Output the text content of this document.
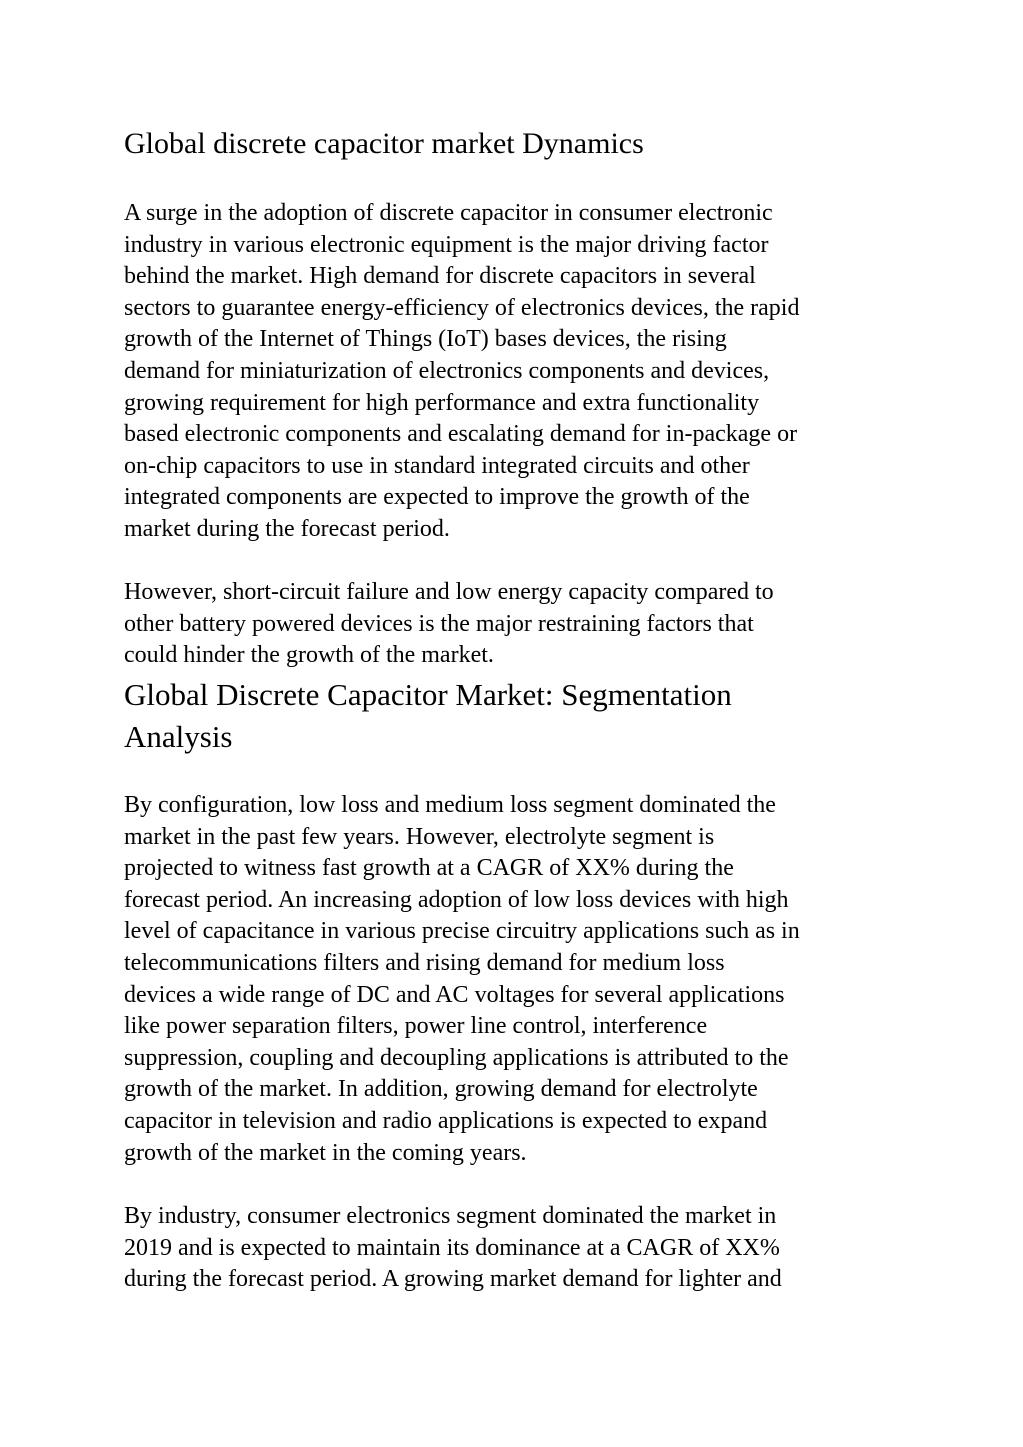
Global discrete capacitor market Dynamics

A surge in the adoption of discrete capacitor in consumer electronic
industry in various electronic equipment is the major driving factor
behind the market. High demand for discrete capacitors in several
sectors to guarantee energy-efficiency of electronics devices, the rapid
growth of the Internet of Things (IoT) bases devices, the rising
demand for miniaturization of electronics components and devices,
growing requirement for high performance and extra functionality
based electronic components and escalating demand for in-package or
on-chip capacitors to use in standard integrated circuits and other
integrated components are expected to improve the growth of the
market during the forecast period.

However, short-circuit failure and low energy capacity compared to
other battery powered devices is the major restraining factors that
could hinder the growth of the market.

Global Discrete Capacitor Market: Segmentation
Analysis

By configuration, low loss and medium loss segment dominated the
market in the past few years. However, electrolyte segment is
projected to witness fast growth at a CAGR of XX% during the
forecast period. An increasing adoption of low loss devices with high
level of capacitance in various precise circuitry applications such as in
telecommunications filters and rising demand for medium loss
devices a wide range of DC and AC voltages for several applications
like power separation filters, power line control, interference
suppression, coupling and decoupling applications is attributed to the
growth of the market. In addition, growing demand for electrolyte
capacitor in television and radio applications is expected to expand
growth of the market in the coming years.

By industry, consumer electronics segment dominated the market in
2019 and is expected to maintain its dominance at a CAGR of XX%
during the forecast period. A growing market demand for lighter and
